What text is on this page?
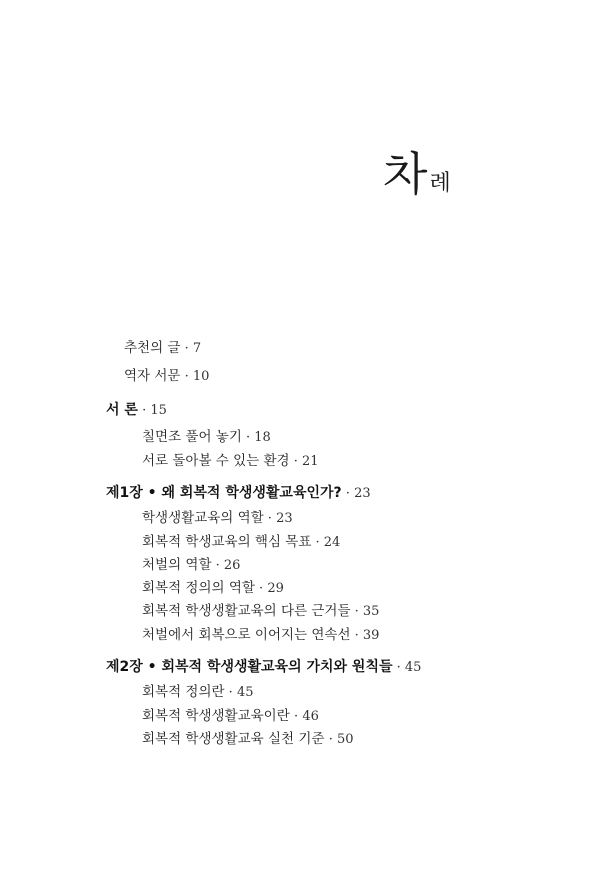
차례
추천의 글 · 7
역자 서문 · 10
서 론 · 15
칠면조 풀어 놓기 · 18
서로 돌아볼 수 있는 환경 · 21
제1장 • 왜 회복적 학생생활교육인가? · 23
학생생활교육의 역할 · 23
회복적 학생교육의 핵심 목표 · 24
처벌의 역할 · 26
회복적 정의의 역할 · 29
회복적 학생생활교육의 다른 근거들 · 35
처벌에서 회복으로 이어지는 연속선 · 39
제2장 • 회복적 학생생활교육의 가치와 원칙들 · 45
회복적 정의란 · 45
회복적 학생생활교육이란 · 46
회복적 학생생활교육 실천 기준 · 50
